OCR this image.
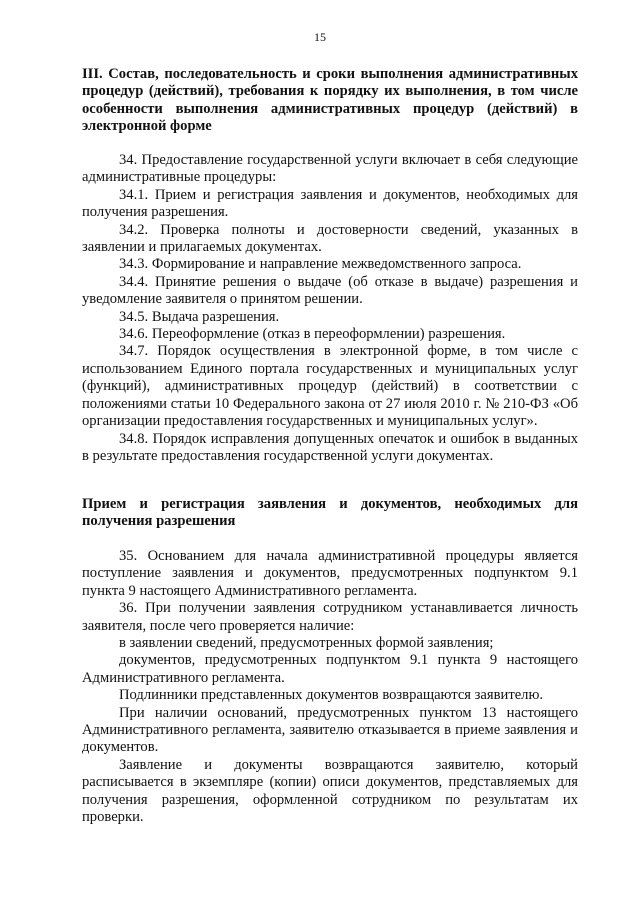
15

III. Состав, последовательность и сроки выполнения административных процедур (действий), требования к порядку их выполнения, в том числе особенности выполнения административных процедур (действий) в электронной форме

34. Предоставление государственной услуги включает в себя следующие административные процедуры:

34.1. Прием и регистрация заявления и документов, необходимых для получения разрешения.

34.2. Проверка полноты и достоверности сведений, указанных в заявлении и прилагаемых документах.

34.3. Формирование и направление межведомственного запроса.

34.4. Принятие решения о выдаче (об отказе в выдаче) разрешения и уведомление заявителя о принятом решении.

34.5. Выдача разрешения.

34.6. Переоформление (отказ в переоформлении) разрешения.

34.7. Порядок осуществления в электронной форме, в том числе с использованием Единого портала государственных и муниципальных услуг (функций), административных процедур (действий) в соответствии с положениями статьи 10 Федерального закона от 27 июля 2010 г. № 210-ФЗ «Об организации предоставления государственных и муниципальных услуг».

34.8. Порядок исправления допущенных опечаток и ошибок в выданных в результате предоставления государственной услуги документах.

Прием и регистрация заявления и документов, необходимых для получения разрешения

35. Основанием для начала административной процедуры является поступление заявления и документов, предусмотренных подпунктом 9.1 пункта 9 настоящего Административного регламента.

36. При получении заявления сотрудником устанавливается личность заявителя, после чего проверяется наличие:

в заявлении сведений, предусмотренных формой заявления;

документов, предусмотренных подпунктом 9.1 пункта 9 настоящего Административного регламента.

Подлинники представленных документов возвращаются заявителю.

При наличии оснований, предусмотренных пунктом 13 настоящего Административного регламента, заявителю отказывается в приеме заявления и документов.

Заявление и документы возвращаются заявителю, который расписывается в экземпляре (копии) описи документов, представляемых для получения разрешения, оформленной сотрудником по результатам их проверки.
